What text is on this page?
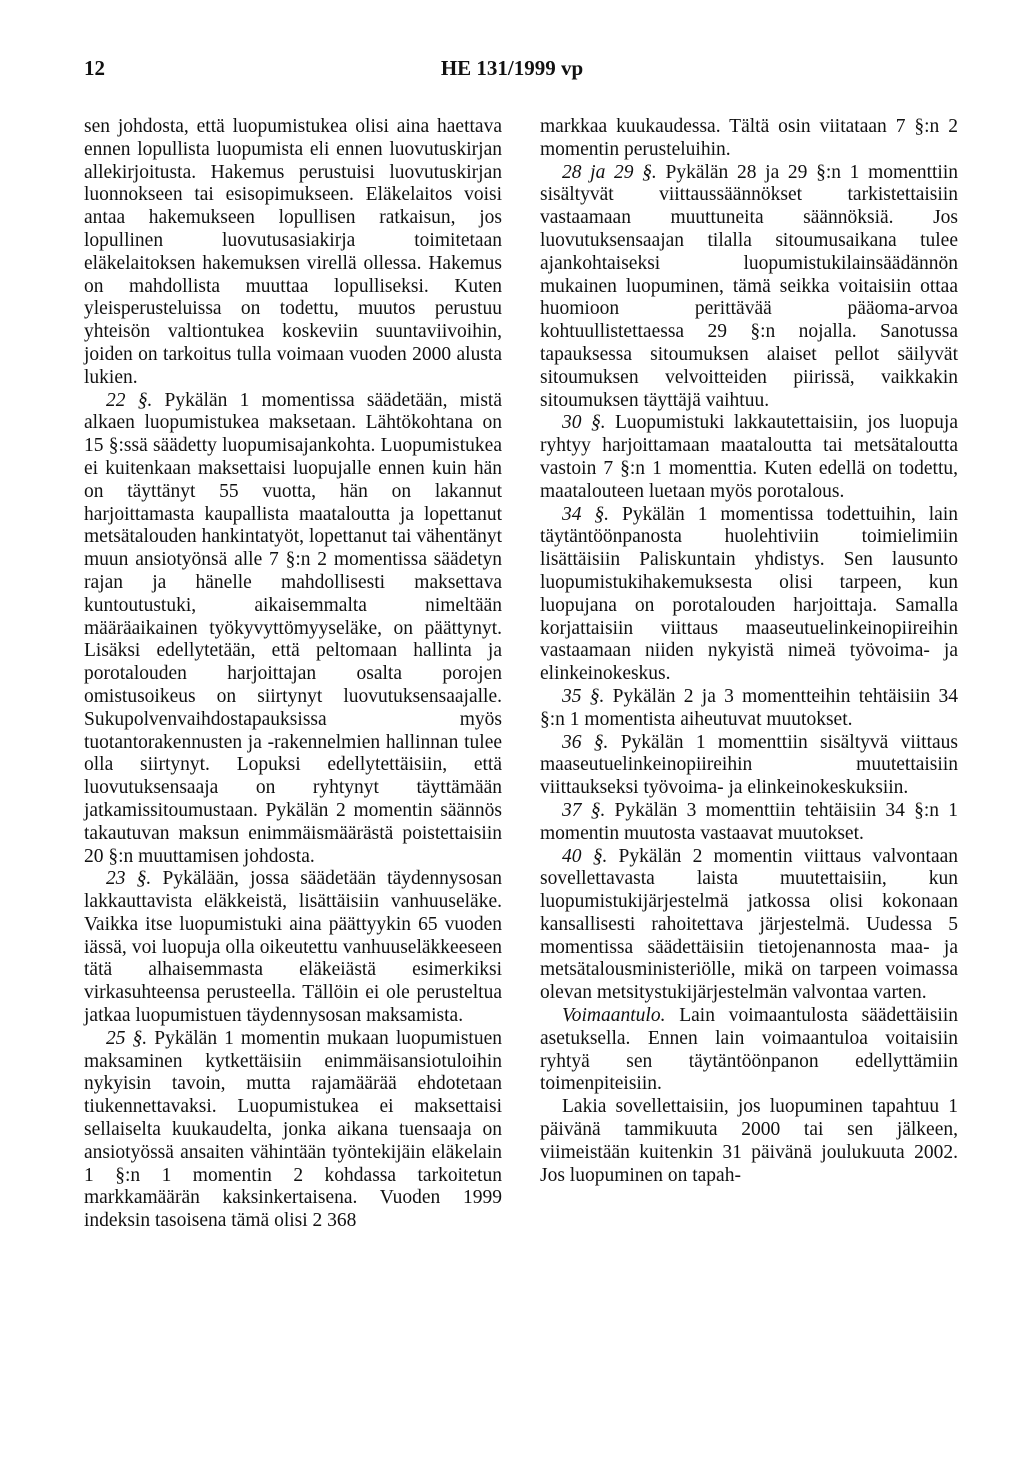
12	HE 131/1999 vp

sen johdosta, että luopumistukea olisi aina haettava ennen lopullista luopumista eli ennen luovutuskirjan allekirjoitusta. Hakemus perustuisi luovutuskirjan luonnokseen tai esisopimukseen. Eläkelaitos voisi antaa hakemukseen lopullisen ratkaisun, jos lopullinen luovutusasiakirja toimitetaan eläkelaitoksen hakemuksen virellä ollessa. Hakemus on mahdollista muuttaa lopulliseksi. Kuten yleisperusteluissa on todettu, muutos perustuu yhteisön valtiontukea koskeviin suuntaviivoihin, joiden on tarkoitus tulla voimaan vuoden 2000 alusta lukien.

22 §. Pykälän 1 momentissa säädetään, mistä alkaen luopumistukea maksetaan. Lähtökohtana on 15 §:ssä säädetty luopumisajankohta. Luopumistukea ei kuitenkaan maksettaisi luopujalle ennen kuin hän on täyttänyt 55 vuotta, hän on lakannut harjoittamasta kaupallista maataloutta ja lopettanut metsätalouden hankintatyöt, lopettanut tai vähentänyt muun ansiotyönsä alle 7 §:n 2 momentissa säädetyn rajan ja hänelle mahdollisesti maksettava kuntoutustuki, aikaisemmalta nimeltään määräaikainen työkyvyttömyyseläke, on päättynyt. Lisäksi edellytetään, että peltomaan hallinta ja porotalouden harjoittajan osalta porojen omistusoikeus on siirtynyt luovutuksensaajalle. Sukupolvenvaihdostapauksissa myös tuotantorakennusten ja -rakennelmien hallinnan tulee olla siirtynyt. Lopuksi edellytettäisiin, että luovutuksensaaja on ryhtynyt täyttämään jatkamissitoumustaan. Pykälän 2 momentin säännös takautuvan maksun enimmäismäärästä poistettaisiin 20 §:n muuttamisen johdosta.

23 §. Pykälään, jossa säädetään täydennysosan lakkauttavista eläkkeistä, lisättäisiin vanhuuseläke. Vaikka itse luopumistuki aina päättyykin 65 vuoden iässä, voi luopuja olla oikeutettu vanhuuseläkkeeseen tätä alhaisemmasta eläkeiästä esimerkiksi virkasuhteensa perusteella. Tällöin ei ole perusteltua jatkaa luopumistuen täydennysosan maksamista.

25 §. Pykälän 1 momentin mukaan luopumistuen maksaminen kytkettäisiin enimmäisansiotuloihin nykyisin tavoin, mutta rajamäärää ehdotetaan tiukennettavaksi. Luopumistukea ei maksettaisi sellaiselta kuukaudelta, jonka aikana tuensaaja on ansiotyössä ansaiten vähintään työntekijäin eläkelain 1 §:n 1 momentin 2 kohdassa tarkoitetun markkamäärän kaksinkertaisena. Vuoden 1999 indeksin tasoisena tämä olisi 2 368

markkaa kuukaudessa. Tältä osin viitataan 7 §:n 2 momentin perusteluihin.

28 ja 29 §. Pykälän 28 ja 29 §:n 1 momenttiin sisältyvät viittaussäännökset tarkistettaisiin vastaamaan muuttuneita säännöksiä. Jos luovutuksensaajan tilalla sitoumusaikana tulee ajankohtaiseksi luopumistukilainsäädännön mukainen luopuminen, tämä seikka voitaisiin ottaa huomioon perittävää pääoma-arvoa kohtuullistettaessa 29 §:n nojalla. Sanotussa tapauksessa sitoumuksen alaiset pellot säilyvät sitoumuksen velvoitteiden piirissä, vaikkakin sitoumuksen täyttäjä vaihtuu.

30 §. Luopumistuki lakkautettaisiin, jos luopuja ryhtyy harjoittamaan maataloutta tai metsätaloutta vastoin 7 §:n 1 momenttia. Kuten edellä on todettu, maatalouteen luetaan myös porotalous.

34 §. Pykälän 1 momentissa todettuihin, lain täytäntöönpanosta huolehtiviin toimielimiin lisättäisiin Paliskuntain yhdistys. Sen lausunto luopumistukihakemuksesta olisi tarpeen, kun luopujana on porotalouden harjoittaja. Samalla korjattaisiin viittaus maaseutuelinkeinopiireihin vastaamaan niiden nykyistä nimeä työvoima- ja elinkeinokeskus.

35 §. Pykälän 2 ja 3 momentteihin tehtäisiin 34 §:n 1 momentista aiheutuvat muutokset.

36 §. Pykälän 1 momenttiin sisältyvä viittaus maaseutuelinkeinopiireihin muutettaisiin viittaukseksi työvoima- ja elinkeinokeskuksiin.

37 §. Pykälän 3 momenttiin tehtäisiin 34 §:n 1 momentin muutosta vastaavat muutokset.

40 §. Pykälän 2 momentin viittaus valvontaan sovellettavasta laista muutettaisiin, kun luopumistukijärjestelmä jatkossa olisi kokonaan kansallisesti rahoitettava järjestelmä. Uudessa 5 momentissa säädettäisiin tietojenannosta maa- ja metsätalousministeriölle, mikä on tarpeen voimassa olevan metsitystukijärjestelmän valvontaa varten.

Voimaantulo. Lain voimaantulosta säädettäisiin asetuksella. Ennen lain voimaantuloa voitaisiin ryhtyä sen täytäntöönpanon edellyttämiin toimenpiteisiin.

Lakia sovellettaisiin, jos luopuminen tapahtuu 1 päivänä tammikuuta 2000 tai sen jälkeen, viimeistään kuitenkin 31 päivänä joulukuuta 2002. Jos luopuminen on tapah-
